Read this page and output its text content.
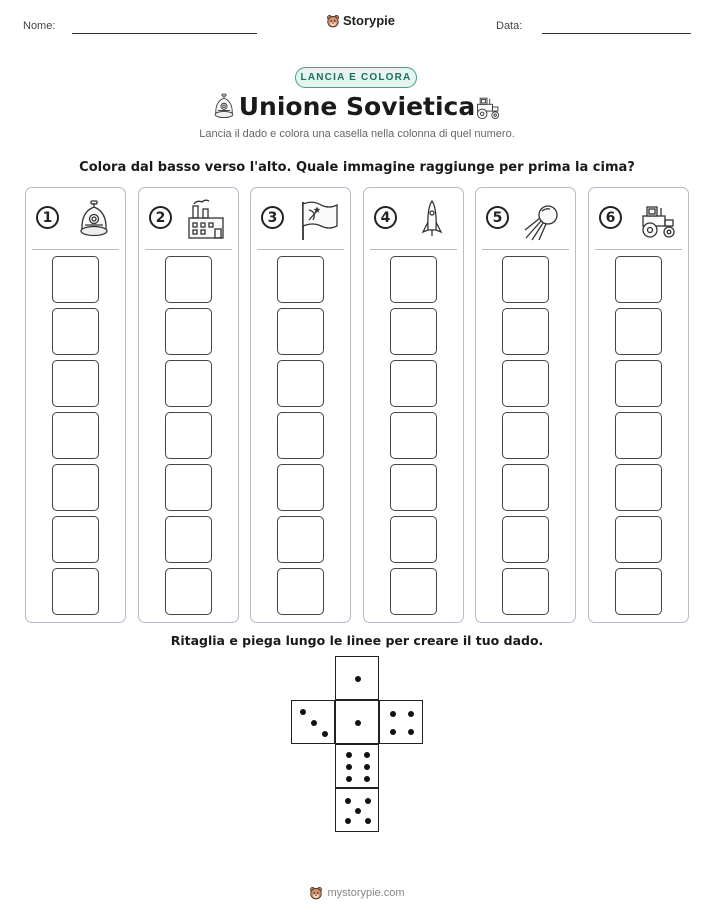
Nome:	Storypie	Data:
LANCIA E COLORA
Unione Sovietica
Lancia il dado e colora una casella nella colonna di quel numero.
Colora dal basso verso l'alto. Quale immagine raggiunge per prima la cima?
1	2	3	4	5	6
Ritaglia e piega lungo le linee per creare il tuo dado.
mystorypie.com
